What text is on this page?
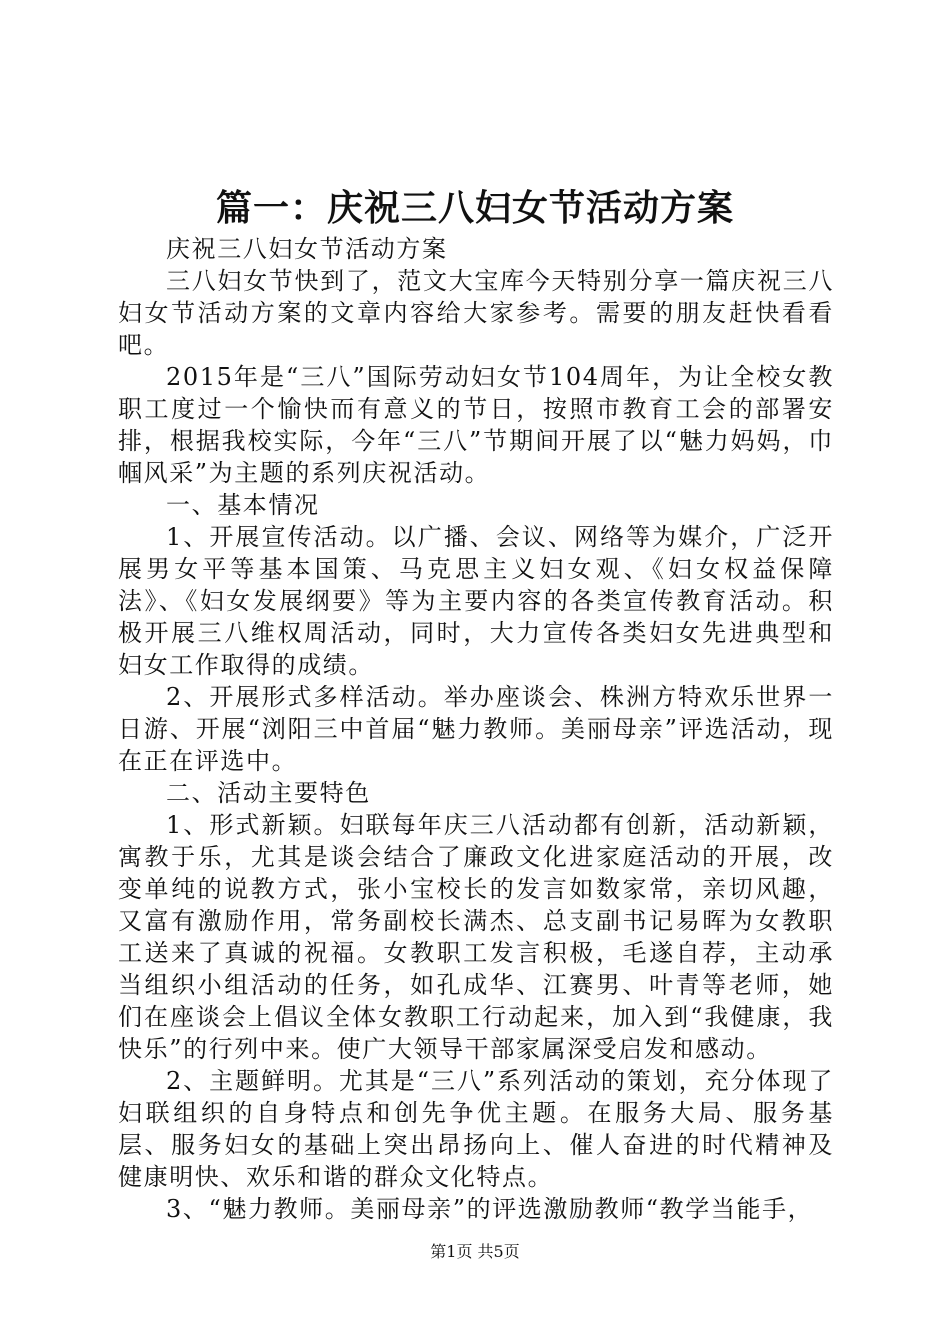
篇一：庆祝三八妇女节活动方案

庆祝三八妇女节活动方案

三八妇女节快到了，范文大宝库今天特别分享一篇庆祝三八妇女节活动方案的文章内容给大家参考。需要的朋友赶快看看吧。

2015年是“三八”国际劳动妇女节104周年，为让全校女教职工度过一个愉快而有意义的节日，按照市教育工会的部署安排，根据我校实际，今年“三八”节期间开展了以“魅力妈妈，巾帼风采”为主题的系列庆祝活动。

一、基本情况

1、开展宣传活动。以广播、会议、网络等为媒介，广泛开展男女平等基本国策、马克思主义妇女观、《妇女权益保障法》、《妇女发展纲要》等为主要内容的各类宣传教育活动。积极开展三八维权周活动，同时，大力宣传各类妇女先进典型和妇女工作取得的成绩。

2、开展形式多样活动。举办座谈会、株洲方特欢乐世界一日游、开展“浏阳三中首届“魅力教师。美丽母亲”评选活动，现在正在评选中。

二、活动主要特色

1、形式新颖。妇联每年庆三八活动都有创新，活动新颖，寓教于乐，尤其是谈会结合了廉政文化进家庭活动的开展，改变单纯的说教方式，张小宝校长的发言如数家常，亲切风趣，又富有激励作用，常务副校长满杰、总支副书记易晖为女教职工送来了真诚的祝福。女教职工发言积极，毛遂自荐，主动承当组织小组活动的任务，如孔成华、江赛男、叶青等老师，她们在座谈会上倡议全体女教职工行动起来，加入到“我健康，我快乐”的行列中来。使广大领导干部家属深受启发和感动。

2、主题鲜明。尤其是“三八”系列活动的策划，充分体现了妇联组织的自身特点和创先争优主题。在服务大局、服务基层、服务妇女的基础上突出昂扬向上、催人奋进的时代精神及健康明快、欢乐和谐的群众文化特点。

3、“魅力教师。美丽母亲”的评选激励教师“教学当能手，

第1页 共5页
